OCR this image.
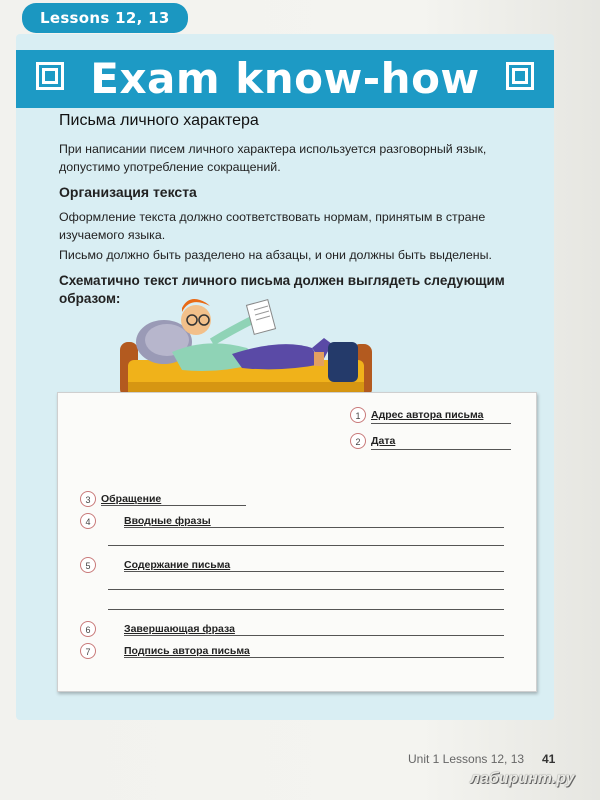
Lessons 12, 13
Exam know-how
Письма личного характера

При написании писем личного характера используется разговорный язык,

допустимо употребление сокращений.

Организация текста

Оформление текста должно соответствовать нормам, принятым в стране

изучаемого языка.

Письмо должно быть разделено на абзацы, и они должны быть выделены.

Схематично текст личного письма должен выглядеть следующим
образом:
1	Адрес автора письма
2	Дата
3	Обращение
4	Вводные фразы
5	Содержание письма
6	Завершающая фраза
7	Подпись автора письма
Unit 1 Lessons 12, 13 41
лабиринт.ру
